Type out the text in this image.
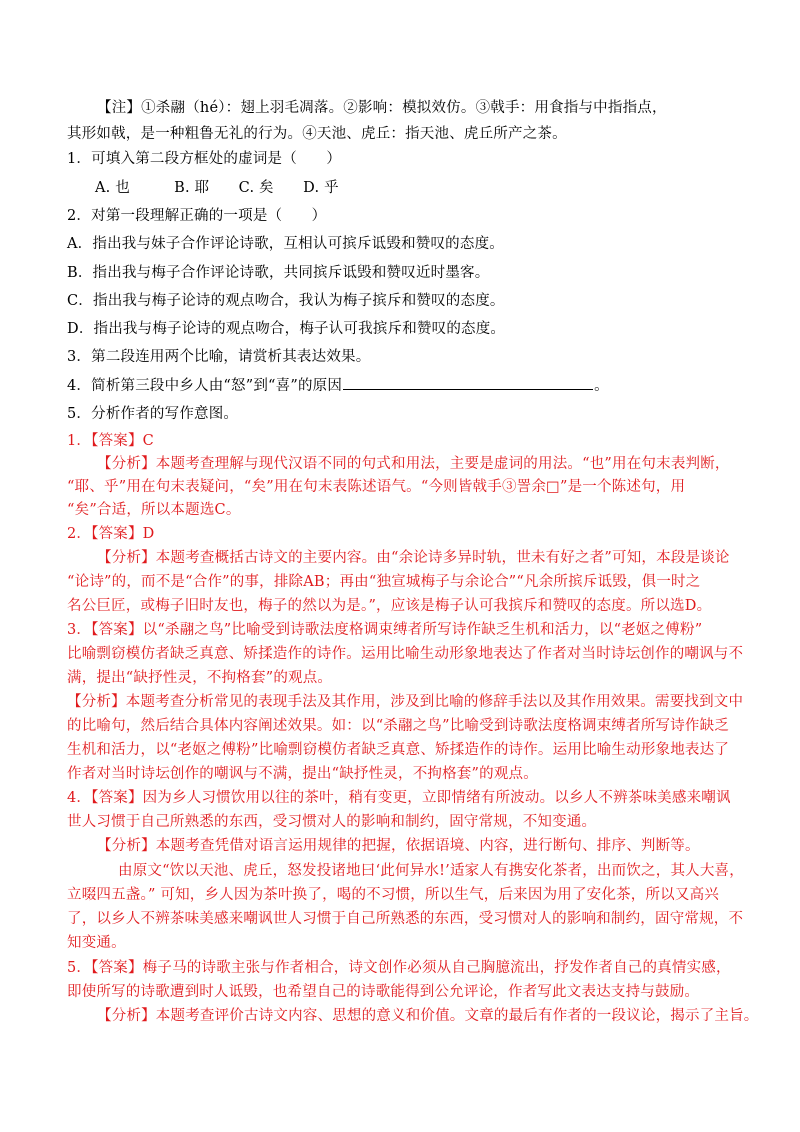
【注】①杀翮（hé）：翅上羽毛凋落。②影响：模拟效仿。③戟手：用食指与中指指点，
其形如戟，是一种粗鲁无礼的行为。④天池、虎丘：指天池、虎丘所产之茶。
1．可填入第二段方框处的虚词是（　　）
A. 也　　　B. 耶　　C. 矣　　D. 乎
2．对第一段理解正确的一项是（　　）
A．指出我与妹子合作评论诗歌，互相认可摈斥诋毁和赞叹的态度。
B．指出我与梅子合作评论诗歌，共同摈斥诋毁和赞叹近时墨客。
C．指出我与梅子论诗的观点吻合，我认为梅子摈斥和赞叹的态度。
D．指出我与梅子论诗的观点吻合，梅子认可我摈斥和赞叹的态度。
3．第二段连用两个比喻，请赏析其表达效果。
4．简析第三段中乡人由“怒”到“喜”的原因	。
5．分析作者的写作意图。
1．【答案】C
【分析】本题考查理解与现代汉语不同的句式和用法，主要是虚词的用法。“也”用在句末表判断，
“耶、乎”用在句末表疑问，“矣”用在句末表陈述语气。“今则皆戟手③詈余□”是一个陈述句，用
“矣”合适，所以本题选C。
2．【答案】D
【分析】本题考查概括古诗文的主要内容。由“余论诗多异时轨，世未有好之者”可知，本段是谈论
“论诗”的，而不是“合作”的事，排除AB；再由“独宣城梅子与余论合”“凡余所摈斥诋毁，俱一时之
名公巨匠，或梅子旧时友也，梅子的然以为是。”，应该是梅子认可我摈斥和赞叹的态度。所以选D。
3．【答案】以“杀翮之鸟”比喻受到诗歌法度格调束缚者所写诗作缺乏生机和活力，以“老妪之傅粉”
比喻剽窃模仿者缺乏真意、矫揉造作的诗作。运用比喻生动形象地表达了作者对当时诗坛创作的嘲讽与不
满，提出“缺抒性灵，不拘格套”的观点。
【分析】本题考查分析常见的表现手法及其作用，涉及到比喻的修辞手法以及其作用效果。需要找到文中
的比喻句，然后结合具体内容阐述效果。如：以“杀翮之鸟”比喻受到诗歌法度格调束缚者所写诗作缺乏
生机和活力，以“老妪之傅粉”比喻剽窃模仿者缺乏真意、矫揉造作的诗作。运用比喻生动形象地表达了
作者对当时诗坛创作的嘲讽与不满，提出“缺抒性灵，不拘格套”的观点。
4．【答案】因为乡人习惯饮用以往的茶叶，稍有变更，立即情绪有所波动。以乡人不辨茶味美感来嘲讽
世人习惯于自己所熟悉的东西，受习惯对人的影响和制约，固守常规，不知变通。
【分析】本题考查凭借对语言运用规律的把握，依据语境、内容，进行断句、排序、判断等。
由原文“饮以天池、虎丘，怒发投诸地曰‘此何异水!’适家人有携安化茶者，出而饮之，其人大喜，
立啜四五盏。” 可知，乡人因为茶叶换了，喝的不习惯，所以生气，后来因为用了安化茶，所以又高兴
了，以乡人不辨茶味美感来嘲讽世人习惯于自己所熟悉的东西，受习惯对人的影响和制约，固守常规，不
知变通。
5．【答案】梅子马的诗歌主张与作者相合，诗文创作必须从自己胸臆流出，抒发作者自己的真情实感，
即使所写的诗歌遭到时人诋毁，也希望自己的诗歌能得到公允评论，作者写此文表达支持与鼓励。
【分析】本题考查评价古诗文内容、思想的意义和价值。文章的最后有作者的一段议论，揭示了主旨。
